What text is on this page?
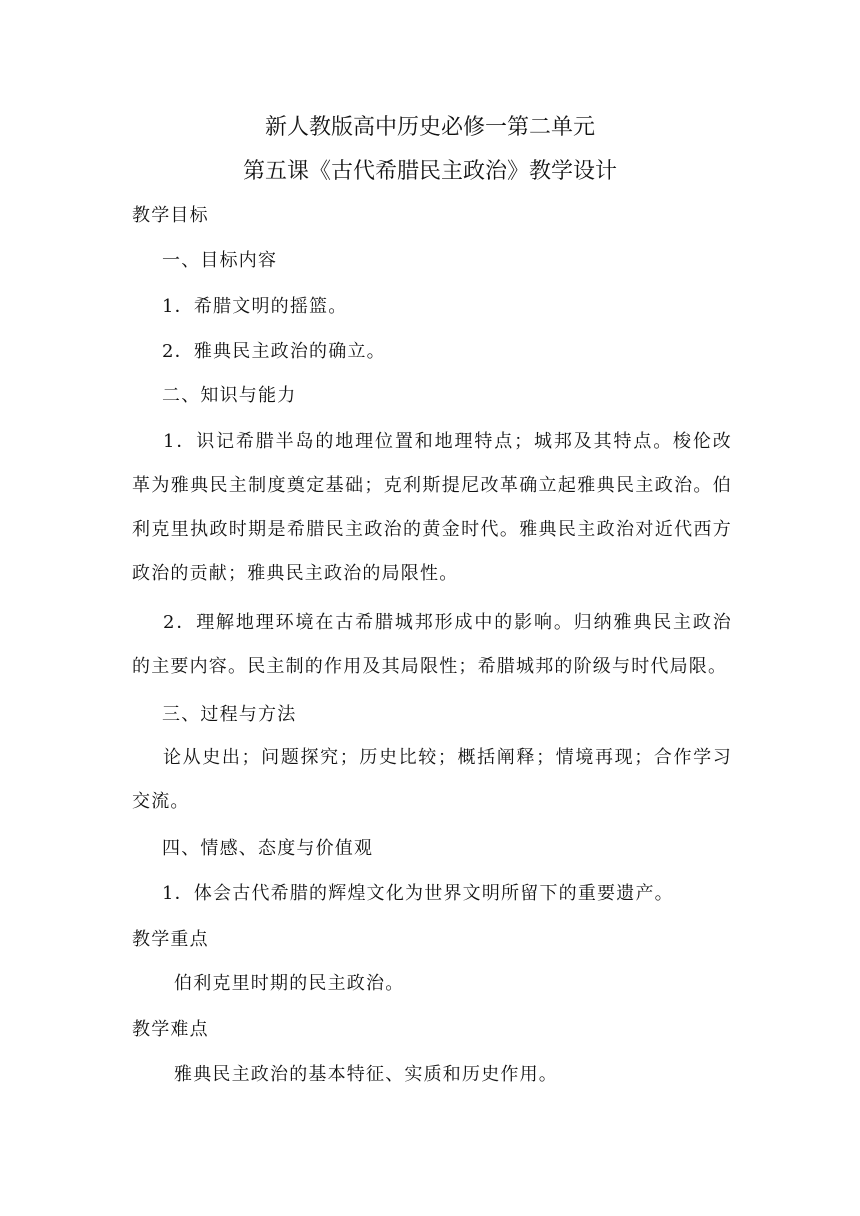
新人教版高中历史必修一第二单元
第五课《古代希腊民主政治》教学设计
教学目标
一、目标内容
1．希腊文明的摇篮。
2．雅典民主政治的确立。
二、知识与能力
1．识记希腊半岛的地理位置和地理特点；城邦及其特点。梭伦改革为雅典民主制度奠定基础；克利斯提尼改革确立起雅典民主政治。伯利克里执政时期是希腊民主政治的黄金时代。雅典民主政治对近代西方政治的贡献；雅典民主政治的局限性。
2．理解地理环境在古希腊城邦形成中的影响。归纳雅典民主政治的主要内容。民主制的作用及其局限性；希腊城邦的阶级与时代局限。
三、过程与方法
论从史出；问题探究；历史比较；概括阐释；情境再现；合作学习交流。
四、情感、态度与价值观
1．体会古代希腊的辉煌文化为世界文明所留下的重要遗产。
教学重点
伯利克里时期的民主政治。
教学难点
雅典民主政治的基本特征、实质和历史作用。
